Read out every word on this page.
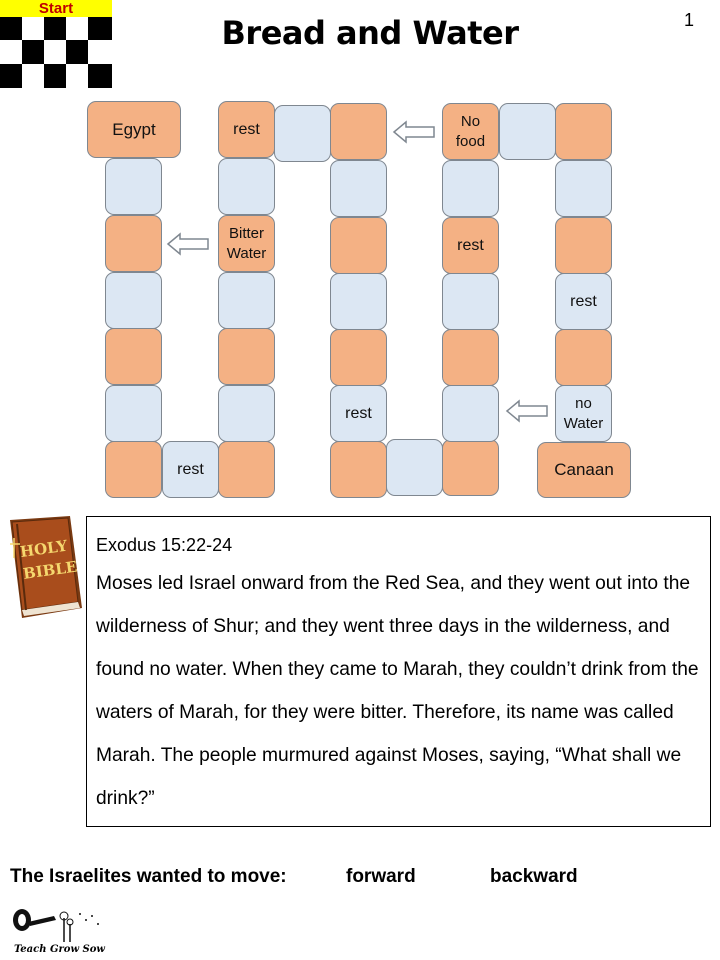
Start
Bread and Water	1
Egypt
rest
Bitter
Water
rest
rest
rest
No
food
rest
no
Water
Canaan
HOLY
BIBLE
Exodus 15:22-24
Moses led Israel onward from the Red Sea, and they went out into the wilderness of Shur; and they went three days in the wilderness, and found no water. When they came to Marah, they couldn’t drink from the waters of Marah, for they were bitter. Therefore, its name was called Marah. The people murmured against Moses, saying, “What shall we drink?”
The Israelites wanted to move:	forward	backward
Teach Grow Sow
